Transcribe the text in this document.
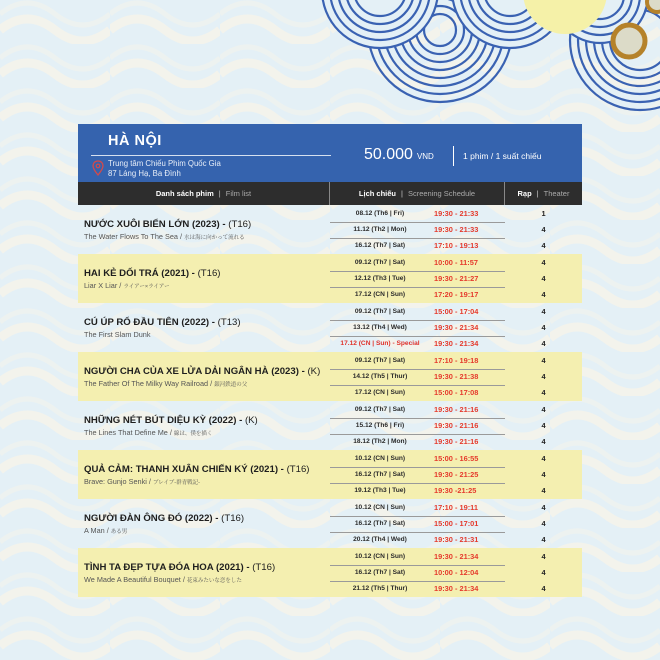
HÀ NỘI
Trung tâm Chiếu Phim Quốc Gia
87 Láng Hạ, Ba Đình
50.000 VND	1 phim / 1 suất chiếu
Danh sách phim | Film list	Lịch chiếu | Screening Schedule	Rạp | Theater
NƯỚC XUÔI BIỂN LỚN (2023) - (T16)
The Water Flows To The Sea / 水は海に向かって流れる
08.12 (Th6 | Fri)	19:30 - 21:33	1
11.12 (Th2 | Mon)	19:30 - 21:33	4
16.12 (Th7 | Sat)	17:10 - 19:13	4
HAI KẺ DỐI TRÁ (2021) - (T16)
Liar X Liar / ライアー×ライアー
09.12 (Th7 | Sat)	10:00 - 11:57	4
12.12 (Th3 | Tue)	19:30 - 21:27	4
17.12 (CN | Sun)	17:20 - 19:17	4
CÚ ÚP RỔ ĐẦU TIÊN (2022) - (T13)
The First Slam Dunk
09.12 (Th7 | Sat)	15:00 - 17:04	4
13.12 (Th4 | Wed)	19:30 - 21:34	4
17.12 (CN | Sun) - Special	19:30 - 21:34	4
NGƯỜI CHA CỦA XE LỬA DẢI NGÂN HÀ (2023) - (K)
The Father Of The Milky Way Railroad / 銀河鉄道の父
09.12 (Th7 | Sat)	17:10 - 19:18	4
14.12 (Th5 | Thur)	19:30 - 21:38	4
17.12 (CN | Sun)	15:00 - 17:08	4
NHỮNG NÉT BÚT DIỆU KỲ (2022) - (K)
The Lines That Define Me / 線は、僕を描く
09.12 (Th7 | Sat)	19:30 - 21:16	4
15.12 (Th6 | Fri)	19:30 - 21:16	4
18.12 (Th2 | Mon)	19:30 - 21:16	4
QUẢ CẢM: THANH XUÂN CHIẾN KÝ (2021) - (T16)
Brave: Gunjo Senki / ブレイブ-群青戦記-
10.12 (CN | Sun)	15:00 - 16:55	4
16.12 (Th7 | Sat)	19:30 - 21:25	4
19.12 (Th3 | Tue)	19:30 -21:25	4
NGƯỜI ĐÀN ÔNG ĐÓ (2022) - (T16)
A Man / ある男
10.12 (CN | Sun)	17:10 - 19:11	4
16.12 (Th7 | Sat)	15:00 - 17:01	4
20.12 (Th4 | Wed)	19:30 - 21:31	4
TÌNH TA ĐẸP TỰA ĐÓA HOA (2021) - (T16)
We Made A Beautiful Bouquet / 花束みたいな恋をした
10.12 (CN | Sun)	19:30 - 21:34	4
16.12 (Th7 | Sat)	10:00 - 12:04	4
21.12 (Th5 | Thur)	19:30 - 21:34	4
